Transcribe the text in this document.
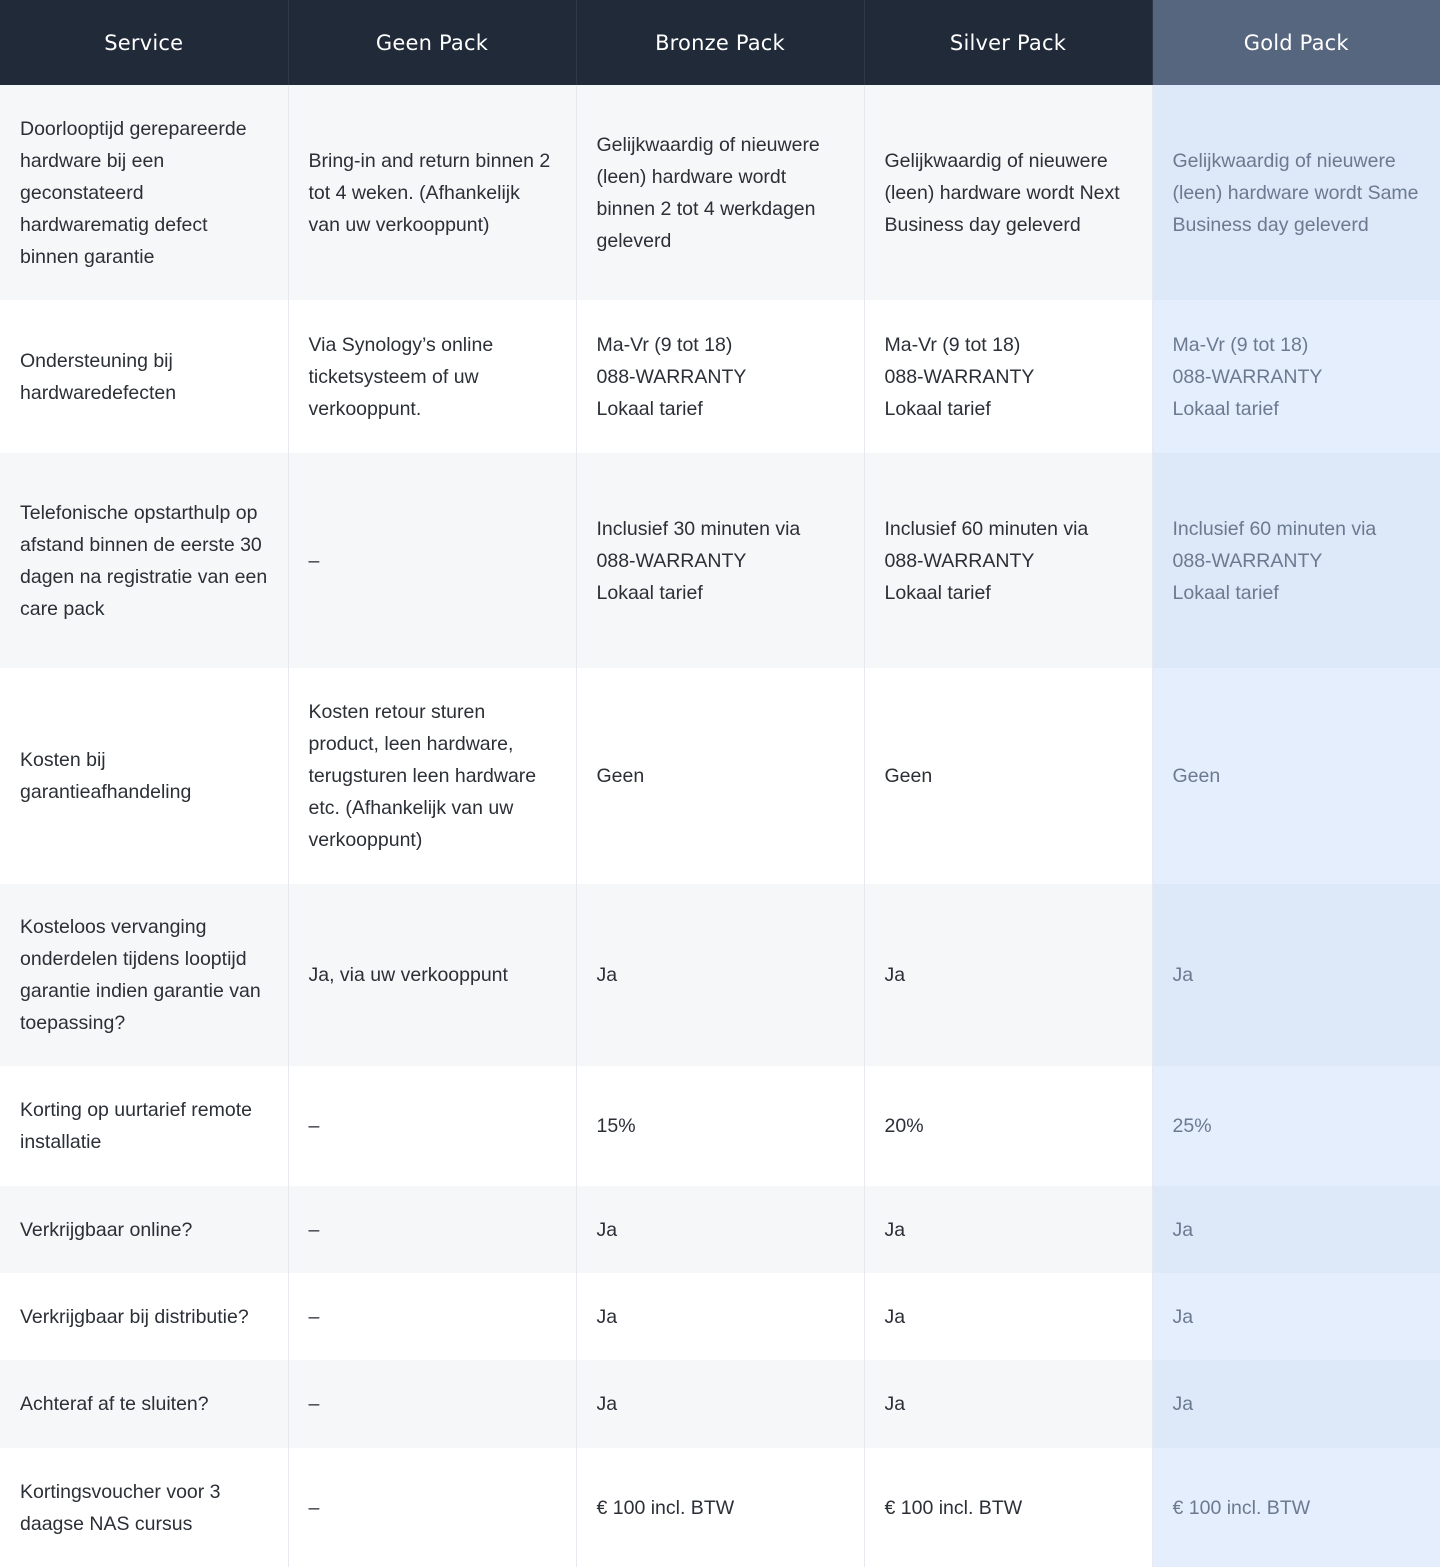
Service	Geen Pack	Bronze Pack	Silver Pack	Gold Pack
Doorlooptijd gerepareerde hardware bij een geconstateerd hardwarematig defect binnen garantie	Bring-in and return binnen 2 tot 4 weken. (Afhankelijk van uw verkooppunt)	Gelijkwaardig of nieuwere (leen) hardware wordt binnen 2 tot 4 werkdagen geleverd	Gelijkwaardig of nieuwere (leen) hardware wordt Next Business day geleverd	Gelijkwaardig of nieuwere (leen) hardware wordt Same Business day geleverd
Ondersteuning bij hardwaredefecten	Via Synology’s online ticketsysteem of uw verkooppunt.	Ma-Vr (9 tot 18)
088-WARRANTY
Lokaal tarief	Ma-Vr (9 tot 18)
088-WARRANTY
Lokaal tarief	Ma-Vr (9 tot 18)
088-WARRANTY
Lokaal tarief
Telefonische opstarthulp op afstand binnen de eerste 30 dagen na registratie van een care pack	–	Inclusief 30 minuten via
088-WARRANTY
Lokaal tarief	Inclusief 60 minuten via
088-WARRANTY
Lokaal tarief	Inclusief 60 minuten via
088-WARRANTY
Lokaal tarief
Kosten bij garantieafhandeling	Kosten retour sturen product, leen hardware, terugsturen leen hardware etc. (Afhankelijk van uw verkooppunt)	Geen	Geen	Geen
Kosteloos vervanging onderdelen tijdens looptijd garantie indien garantie van toepassing?	Ja, via uw verkooppunt	Ja	Ja	Ja
Korting op uurtarief remote installatie	–	15%	20%	25%
Verkrijgbaar online?	–	Ja	Ja	Ja
Verkrijgbaar bij distributie?	–	Ja	Ja	Ja
Achteraf af te sluiten?	–	Ja	Ja	Ja
Kortingsvoucher voor 3 daagse NAS cursus	–	€ 100 incl. BTW	€ 100 incl. BTW	€ 100 incl. BTW
